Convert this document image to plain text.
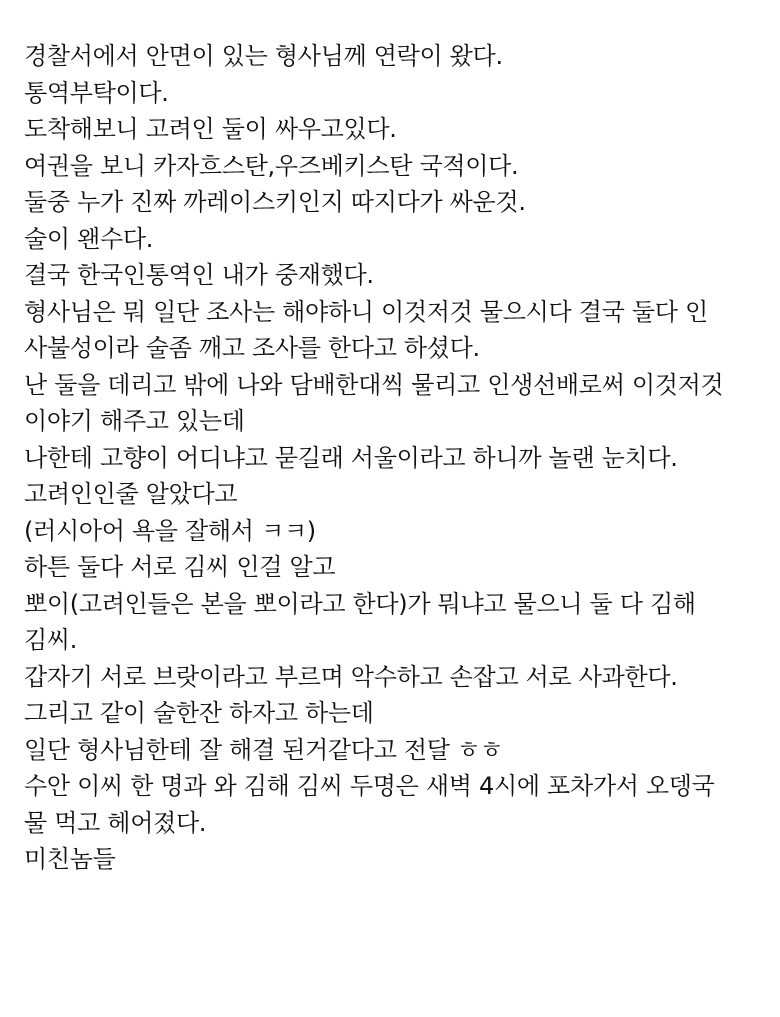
경찰서에서 안면이 있는 형사님께 연락이 왔다.

통역부탁이다.

도착해보니 고려인 둘이 싸우고있다.

여권을 보니 카자흐스탄,우즈베키스탄 국적이다.

둘중 누가 진짜 까레이스키인지 따지다가 싸운것.

술이 왠수다.

결국 한국인통역인 내가 중재했다.

형사님은 뭐 일단 조사는 해야하니 이것저것 물으시다 결국 둘다 인
사불성이라 술좀 깨고 조사를 한다고 하셨다.

난 둘을 데리고 밖에 나와 담배한대씩 물리고 인생선배로써 이것저것
이야기 해주고 있는데

나한테 고향이 어디냐고 묻길래 서울이라고 하니까 놀랜 눈치다.

고려인인줄 알았다고

(러시아어 욕을 잘해서 ㅋㅋ)

하튼 둘다 서로 김씨 인걸 알고

뽀이(고려인들은 본을 뽀이라고 한다)가 뭐냐고 물으니 둘 다 김해
김씨.

갑자기 서로 브랏이라고 부르며 악수하고 손잡고 서로 사과한다.

그리고 같이 술한잔 하자고 하는데

일단 형사님한테 잘 해결 된거같다고 전달 ㅎㅎ

수안 이씨 한 명과 와 김해 김씨 두명은 새벽 4시에 포차가서 오뎅국
물 먹고 헤어졌다.

미친놈들
